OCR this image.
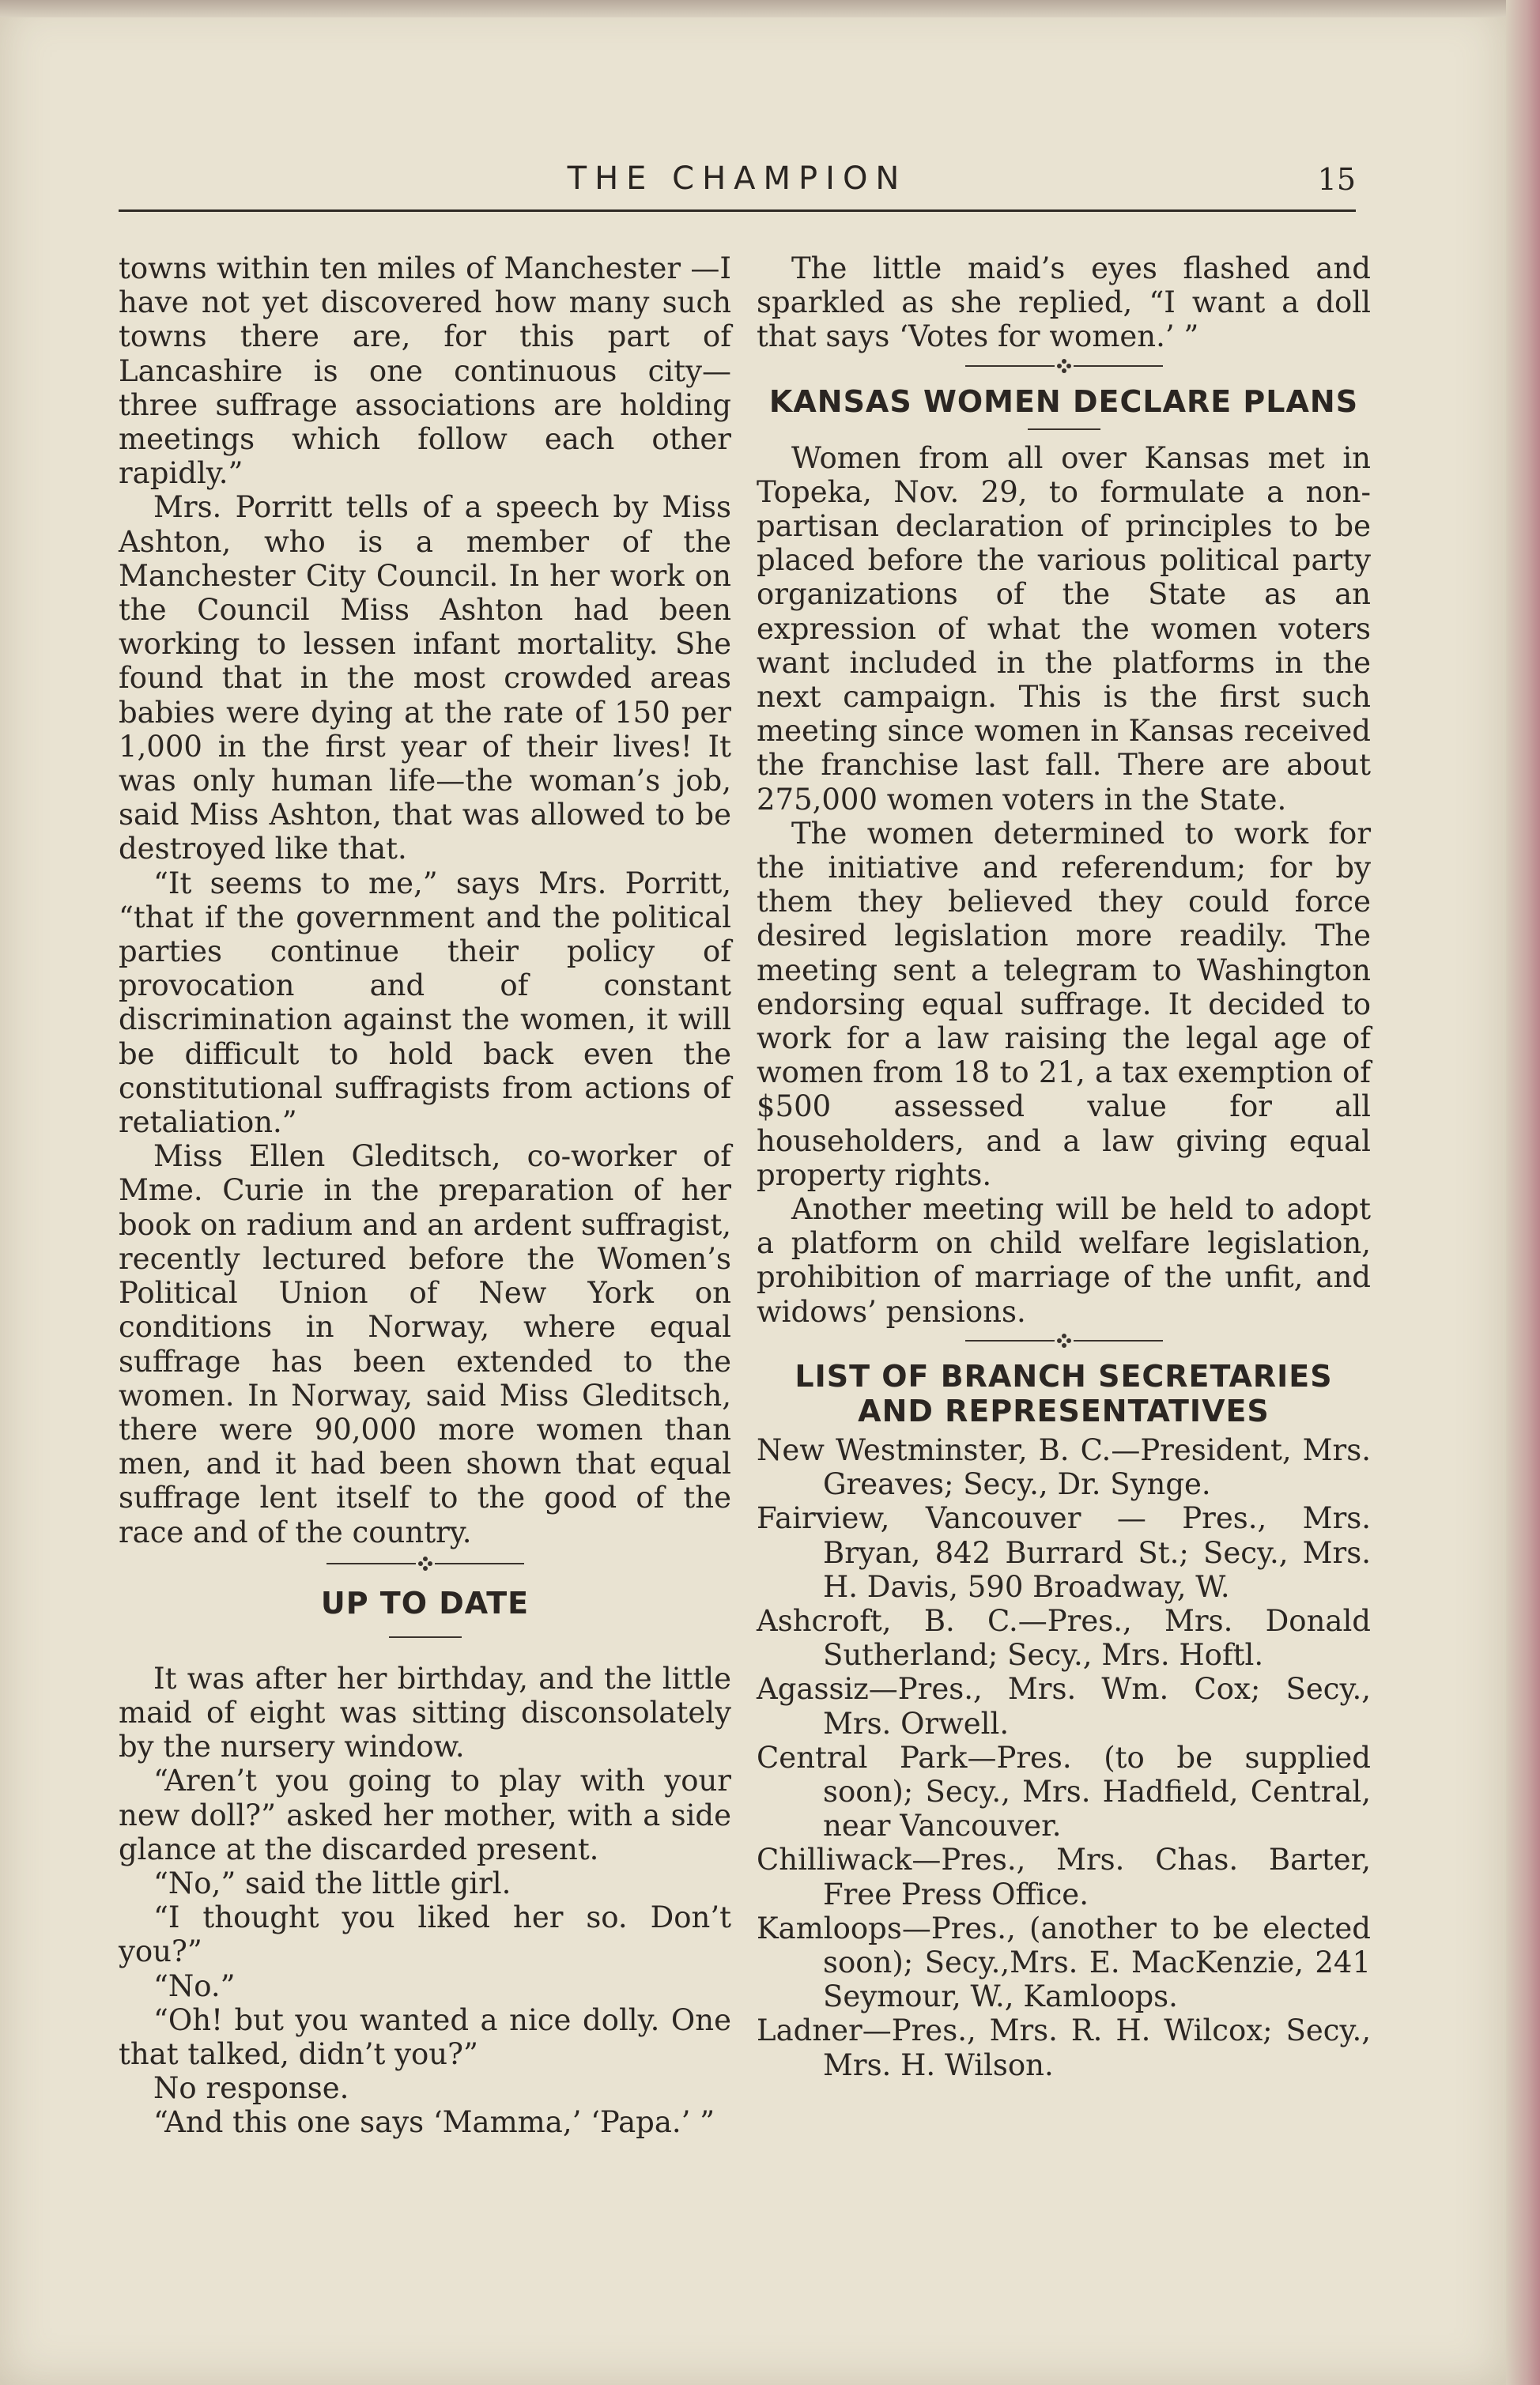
THE CHAMPION	15

towns within ten miles of Manchester —I have not yet discovered how many such towns there are, for this part of Lancashire is one continuous city— three suffrage associations are holding meetings which follow each other rapidly.”

Mrs. Porritt tells of a speech by Miss Ashton, who is a member of the Manchester City Council. In her work on the Council Miss Ashton had been working to lessen infant mortality. She found that in the most crowded areas babies were dying at the rate of 150 per 1,000 in the first year of their lives! It was only human life—the woman’s job, said Miss Ashton, that was allowed to be destroyed like that.

“It seems to me,” says Mrs. Porritt, “that if the government and the political parties continue their policy of provocation and of constant discrimination against the women, it will be difficult to hold back even the constitutional suffragists from actions of retaliation.”

Miss Ellen Gleditsch, co-worker of Mme. Curie in the preparation of her book on radium and an ardent suffragist, recently lectured before the Women’s Political Union of New York on conditions in Norway, where equal suffrage has been extended to the women. In Norway, said Miss Gleditsch, there were 90,000 more women than men, and it had been shown that equal suffrage lent itself to the good of the race and of the country.

UP TO DATE

It was after her birthday, and the little maid of eight was sitting disconsolately by the nursery window.

“Aren’t you going to play with your new doll?” asked her mother, with a side glance at the discarded present.

“No,” said the little girl.

“I thought you liked her so. Don’t you?”

“No.”

“Oh! but you wanted a nice dolly. One that talked, didn’t you?”

No response.

“And this one says ‘Mamma,’ ‘Papa.’ ”

The little maid’s eyes flashed and sparkled as she replied, “I want a doll that says ‘Votes for women.’ ”

KANSAS WOMEN DECLARE PLANS

Women from all over Kansas met in Topeka, Nov. 29, to formulate a non-partisan declaration of principles to be placed before the various political party organizations of the State as an expression of what the women voters want included in the platforms in the next campaign. This is the first such meeting since women in Kansas received the franchise last fall. There are about 275,000 women voters in the State.

The women determined to work for the initiative and referendum; for by them they believed they could force desired legislation more readily. The meeting sent a telegram to Washington endorsing equal suffrage. It decided to work for a law raising the legal age of women from 18 to 21, a tax exemption of $500 assessed value for all householders, and a law giving equal property rights.

Another meeting will be held to adopt a platform on child welfare legislation, prohibition of marriage of the unfit, and widows’ pensions.

LIST OF BRANCH SECRETARIES AND REPRESENTATIVES

New Westminster, B. C.—President, Mrs. Greaves; Secy., Dr. Synge.

Fairview, Vancouver — Pres., Mrs. Bryan, 842 Burrard St.; Secy., Mrs. H. Davis, 590 Broadway, W.

Ashcroft, B. C.—Pres., Mrs. Donald Sutherland; Secy., Mrs. Hoftl.

Agassiz—Pres., Mrs. Wm. Cox; Secy., Mrs. Orwell.

Central Park—Pres. (to be supplied soon); Secy., Mrs. Hadfield, Central, near Vancouver.

Chilliwack—Pres., Mrs. Chas. Barter, Free Press Office.

Kamloops—Pres., (another to be elected soon); Secy.,Mrs. E. MacKenzie, 241 Seymour, W., Kamloops.

Ladner—Pres., Mrs. R. H. Wilcox; Secy., Mrs. H. Wilson.
